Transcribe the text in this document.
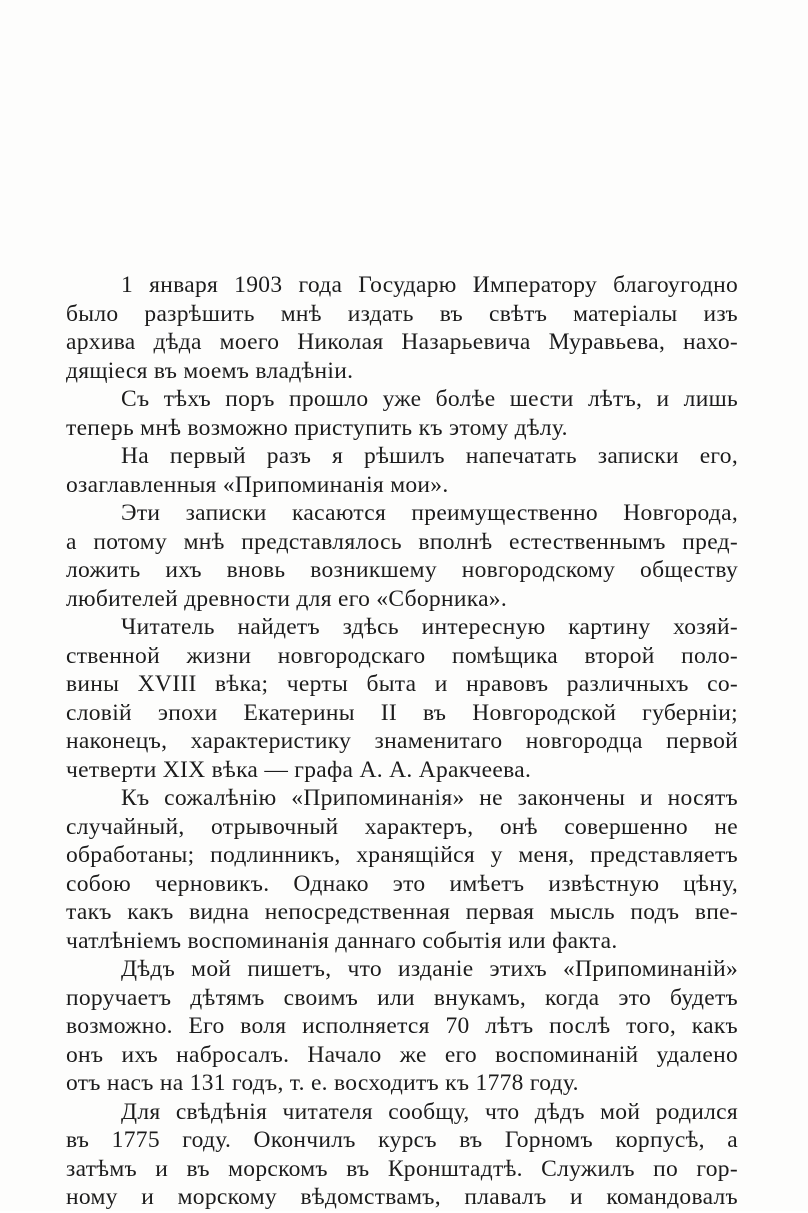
1 января 1903 года Государю Императору благоугодно
было разрѣшить мнѣ издать въ свѣтъ матеріалы изъ
архива дѣда моего Николая Назарьевича Муравьева, нахо-
дящіеся въ моемъ владѣніи.
Съ тѣхъ поръ прошло уже болѣе шести лѣтъ, и лишь
теперь мнѣ возможно приступить къ этому дѣлу.
На первый разъ я рѣшилъ напечатать записки его,
озаглавленныя «Припоминанія мои».
Эти записки касаются преимущественно Новгорода,
а потому мнѣ представлялось вполнѣ естественнымъ пред-
ложить ихъ вновь возникшему новгородскому обществу
любителей древности для его «Сборника».
Читатель найдетъ здѣсь интересную картину хозяй-
ственной жизни новгородскаго помѣщика второй поло-
вины XVIII вѣка; черты быта и нравовъ различныхъ со-
словій эпохи Екатерины II въ Новгородской губерніи;
наконецъ, характеристику знаменитаго новгородца первой
четверти XIX вѣка — графа А. А. Аракчеева.
Къ сожалѣнію «Припоминанія» не закончены и носятъ
случайный, отрывочный характеръ, онѣ совершенно не
обработаны; подлинникъ, хранящійся у меня, представляетъ
собою черновикъ. Однако это имѣетъ извѣстную цѣну,
такъ какъ видна непосредственная первая мысль подъ впе-
чатлѣніемъ воспоминанія даннаго событія или факта.
Дѣдъ мой пишетъ, что изданіе этихъ «Припоминаній»
поручаетъ дѣтямъ своимъ или внукамъ, когда это будетъ
возможно. Его воля исполняется 70 лѣтъ послѣ того, какъ
онъ ихъ набросалъ. Начало же его воспоминаній удалено
отъ насъ на 131 годъ, т. е. восходитъ къ 1778 году.
Для свѣдѣнія читателя сообщу, что дѣдъ мой родился
въ 1775 году. Окончилъ курсъ въ Горномъ корпусѣ, а
затѣмъ и въ морскомъ въ Кронштадтѣ. Служилъ по гор-
ному и морскому вѣдомствамъ, плавалъ и командовалъ
